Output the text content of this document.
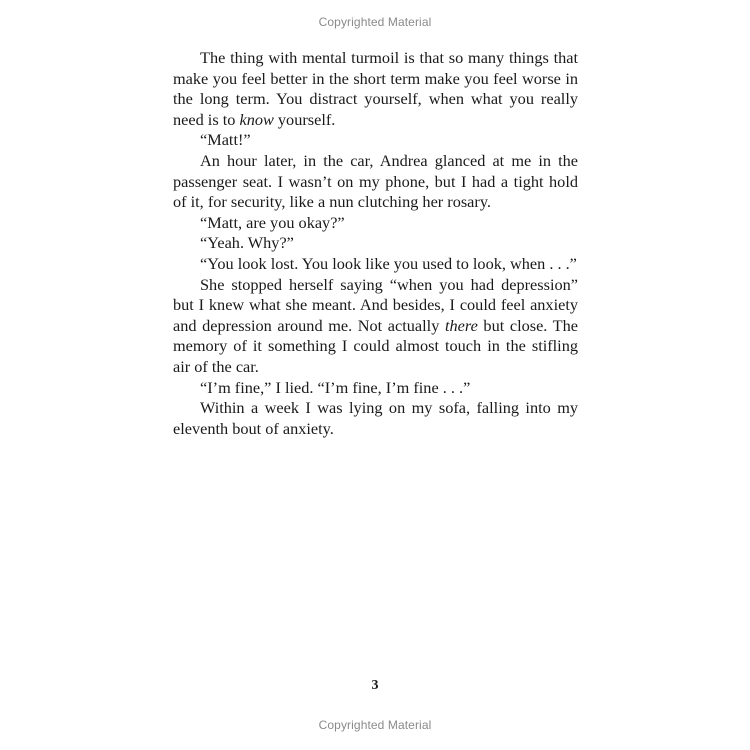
Copyrighted Material

The thing with mental turmoil is that so many things that make you feel better in the short term make you feel worse in the long term. You distract yourself, when what you really need is to know yourself.

“Matt!”

An hour later, in the car, Andrea glanced at me in the passenger seat. I wasn’t on my phone, but I had a tight hold of it, for security, like a nun clutching her rosary.

“Matt, are you okay?”

“Yeah. Why?”

“You look lost. You look like you used to look, when . . .”

She stopped herself saying “when you had depression” but I knew what she meant. And besides, I could feel anxiety and depression around me. Not actually there but close. The memory of it something I could almost touch in the stifling air of the car.

“I’m fine,” I lied. “I’m fine, I’m fine . . .”

Within a week I was lying on my sofa, falling into my eleventh bout of anxiety.

3
Copyrighted Material
